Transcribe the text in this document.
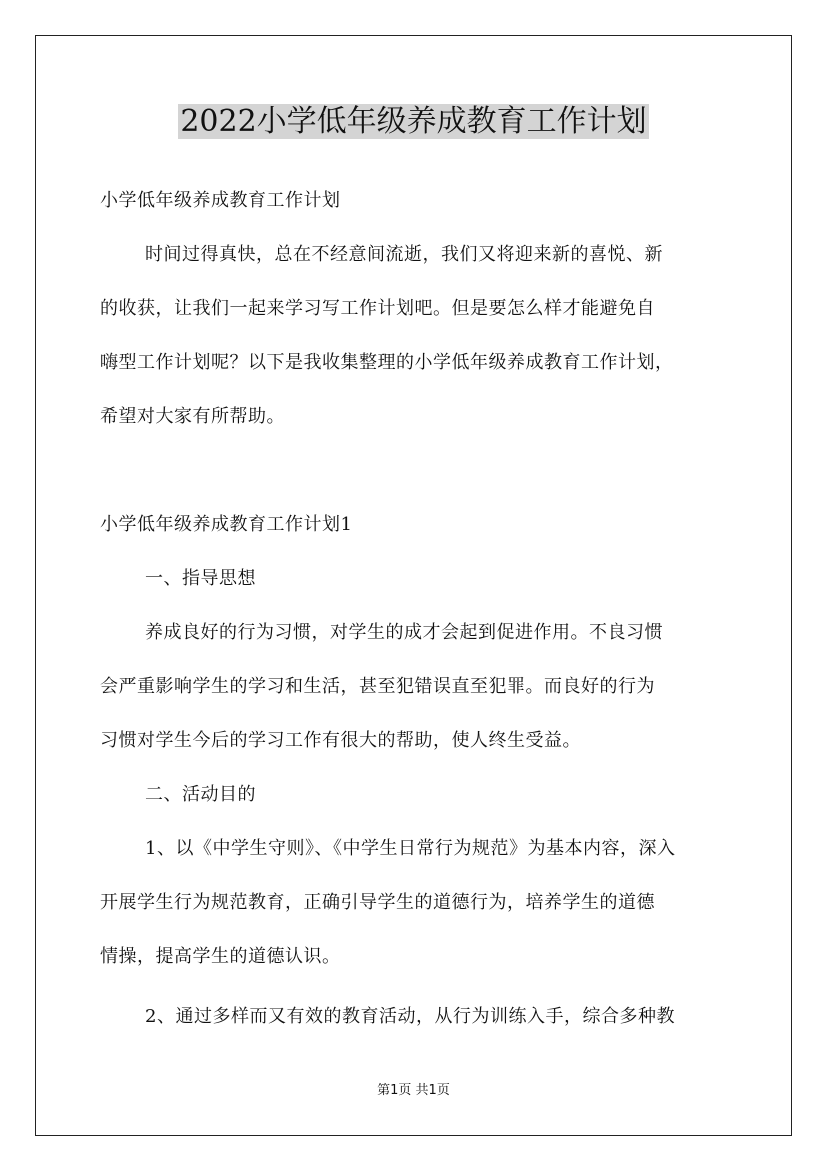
2022小学低年级养成教育工作计划

小学低年级养成教育工作计划

时间过得真快，总在不经意间流逝，我们又将迎来新的喜悦、新

的收获，让我们一起来学习写工作计划吧。但是要怎么样才能避免自

嗨型工作计划呢？以下是我收集整理的小学低年级养成教育工作计划，

希望对大家有所帮助。

小学低年级养成教育工作计划1

一、指导思想

养成良好的行为习惯，对学生的成才会起到促进作用。不良习惯

会严重影响学生的学习和生活，甚至犯错误直至犯罪。而良好的行为

习惯对学生今后的学习工作有很大的帮助，使人终生受益。

二、活动目的

1、以《中学生守则》、《中学生日常行为规范》为基本内容，深入

开展学生行为规范教育，正确引导学生的道德行为，培养学生的道德

情操，提高学生的道德认识。

2、通过多样而又有效的教育活动，从行为训练入手，综合多种教

第1页 共1页
